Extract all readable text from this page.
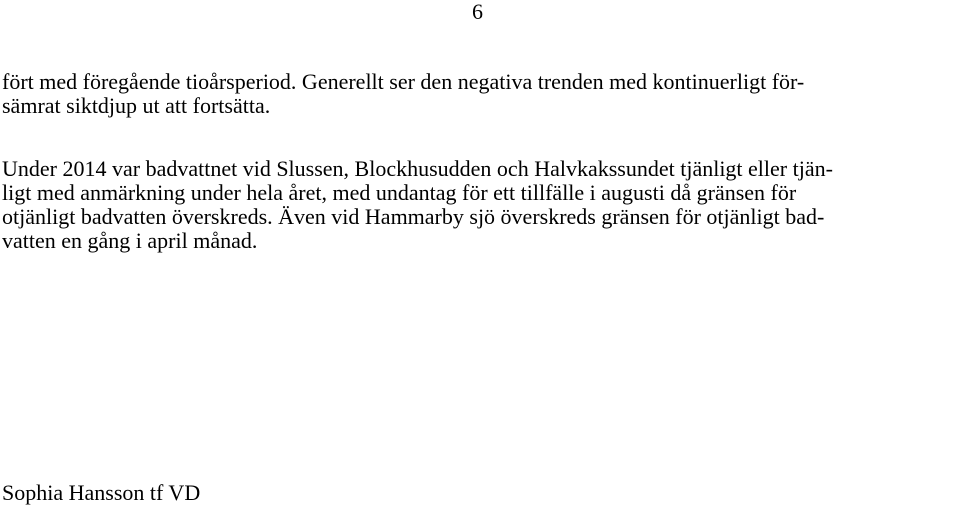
6

fört med föregående tioårsperiod. Generellt ser den negativa trenden med kontinuerligt för-
sämrat siktdjup ut att fortsätta.

Under 2014 var badvattnet vid Slussen, Blockhusudden och Halvkakssundet tjänligt eller tjän-
ligt med anmärkning under hela året, med undantag för ett tillfälle i augusti då gränsen för
otjänligt badvatten överskreds. Även vid Hammarby sjö överskreds gränsen för otjänligt bad-
vatten en gång i april månad.

Sophia Hansson tf VD
